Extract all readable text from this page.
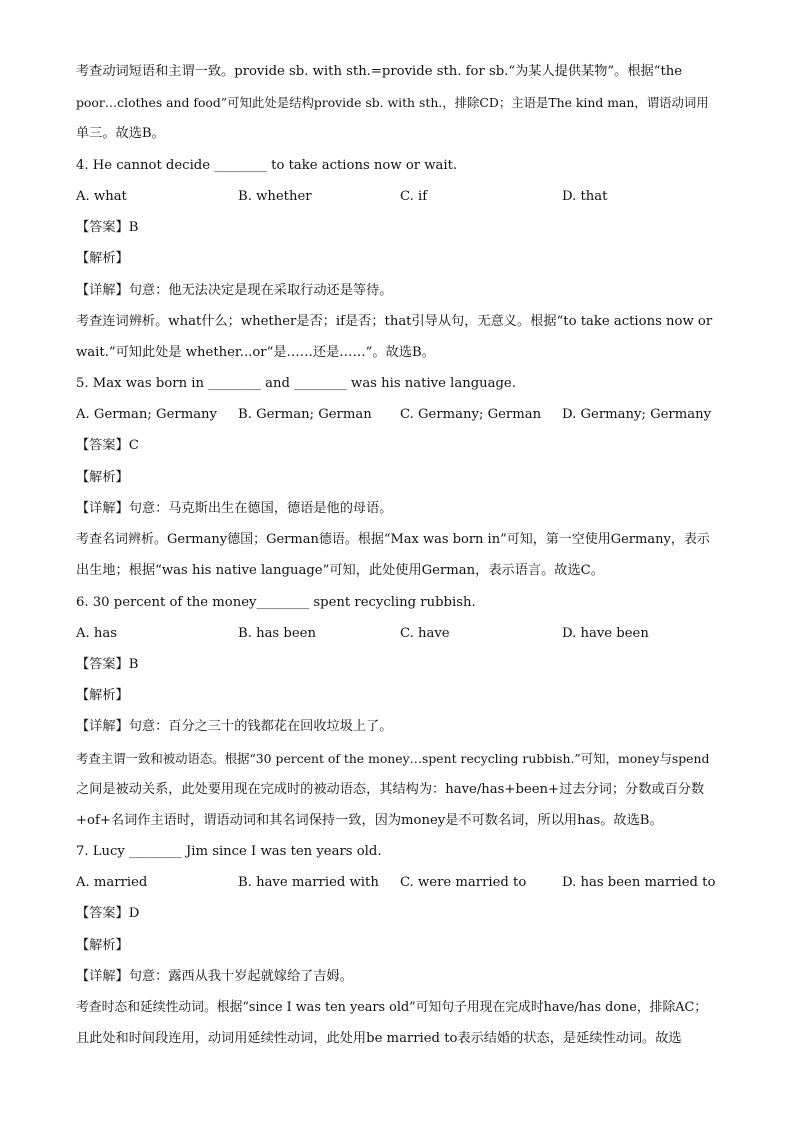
考查动词短语和主谓一致。provide sb. with sth.=provide sth. for sb.“为某人提供某物”。根据“the
poor…clothes and food”可知此处是结构provide sb. with sth.，排除CD；主语是The kind man，谓语动词用
单三。故选B。
4. He cannot decide ________ to take actions now or wait.
A. what	B. whether	C. if	D. that
【答案】B
【解析】
【详解】句意：他无法决定是现在采取行动还是等待。
考查连词辨析。what什么；whether是否；if是否；that引导从句，无意义。根据“to take actions now or
wait.”可知此处是 whether...or“是……还是……”。故选B。
5. Max was born in ________ and ________ was his native language.
A. German; Germany B. German; German C. Germany; German D. Germany; Germany
【答案】C
【解析】
【详解】句意：马克斯出生在德国，德语是他的母语。
考查名词辨析。Germany德国；German德语。根据“Max was born in”可知，第一空使用Germany，表示
出生地；根据“was his native language”可知，此处使用German，表示语言。故选C。
6. 30 percent of the money________ spent recycling rubbish.
A. has	B. has been	C. have	D. have been
【答案】B
【解析】
【详解】句意：百分之三十的钱都花在回收垃圾上了。
考查主谓一致和被动语态。根据“30 percent of the money…spent recycling rubbish.”可知，money与spend
之间是被动关系，此处要用现在完成时的被动语态，其结构为：have/has+been+过去分词；分数或百分数
+of+名词作主语时，谓语动词和其名词保持一致，因为money是不可数名词，所以用has。故选B。
7. Lucy ________ Jim since I was ten years old.
A. married	B. have married with C. were married to	D. has been married to
【答案】D
【解析】
【详解】句意：露西从我十岁起就嫁给了吉姆。
考查时态和延续性动词。根据“since I was ten years old”可知句子用现在完成时have/has done，排除AC；
且此处和时间段连用，动词用延续性动词，此处用be married to表示结婚的状态，是延续性动词。故选
